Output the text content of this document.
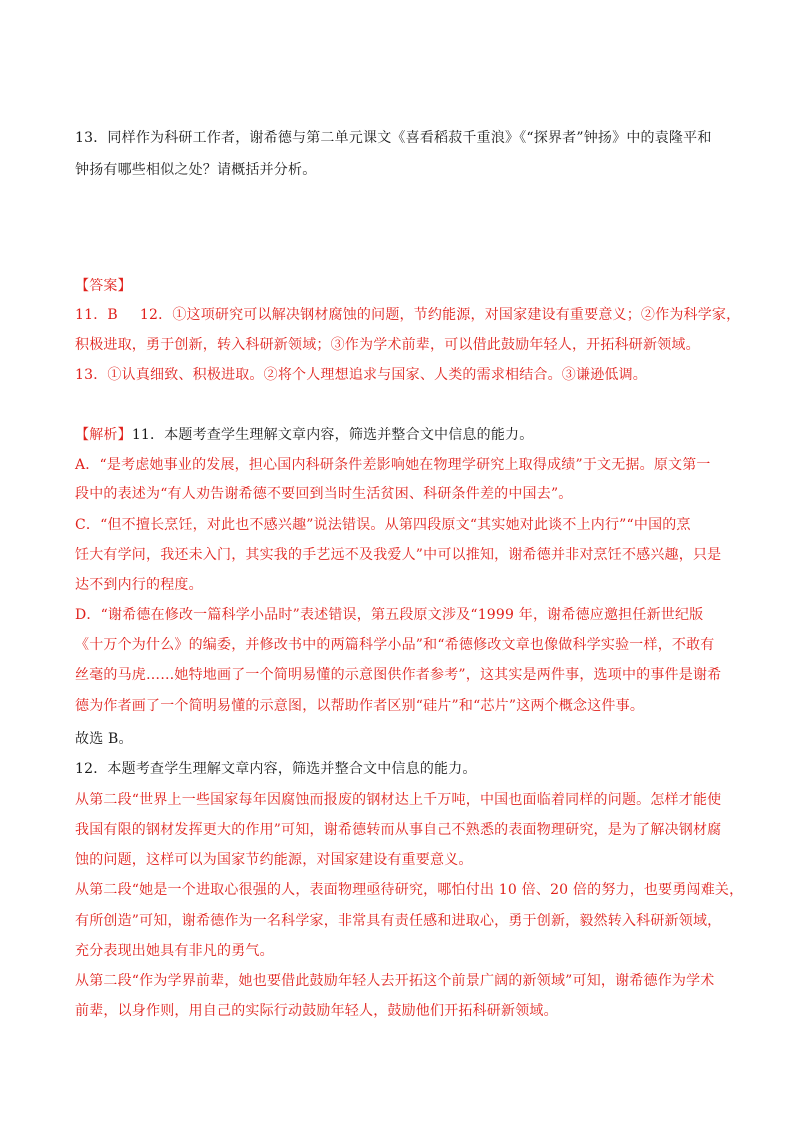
13．同样作为科研工作者，谢希德与第二单元课文《喜看稻菽千重浪》《“探界者”钟扬》中的袁隆平和
钟扬有哪些相似之处？请概括并分析。
【答案】
11．B 12．①这项研究可以解决钢材腐蚀的问题，节约能源，对国家建设有重要意义；②作为科学家，
积极进取，勇于创新，转入科研新领域；③作为学术前辈，可以借此鼓励年轻人，开拓科研新领域。
13．①认真细致、积极进取。②将个人理想追求与国家、人类的需求相结合。③谦逊低调。
【解析】11．本题考查学生理解文章内容，筛选并整合文中信息的能力。
A．“是考虑她事业的发展，担心国内科研条件差影响她在物理学研究上取得成绩”于文无据。原文第一
段中的表述为“有人劝告谢希德不要回到当时生活贫困、科研条件差的中国去”。
C．“但不擅长烹饪，对此也不感兴趣”说法错误。从第四段原文“其实她对此谈不上内行”“中国的烹
饪大有学问，我还未入门，其实我的手艺远不及我爱人”中可以推知，谢希德并非对烹饪不感兴趣，只是
达不到内行的程度。
D．“谢希德在修改一篇科学小品时”表述错误，第五段原文涉及“1999 年，谢希德应邀担任新世纪版
《十万个为什么》的编委，并修改书中的两篇科学小品”和“希德修改文章也像做科学实验一样，不敢有
丝毫的马虎……她特地画了一个简明易懂的示意图供作者参考”，这其实是两件事，选项中的事件是谢希
德为作者画了一个简明易懂的示意图，以帮助作者区别“硅片”和“芯片”这两个概念这件事。
故选 B。
12．本题考查学生理解文章内容，筛选并整合文中信息的能力。
从第二段“世界上一些国家每年因腐蚀而报废的钢材达上千万吨，中国也面临着同样的问题。怎样才能使
我国有限的钢材发挥更大的作用”可知，谢希德转而从事自己不熟悉的表面物理研究，是为了解决钢材腐
蚀的问题，这样可以为国家节约能源，对国家建设有重要意义。
从第二段“她是一个进取心很强的人，表面物理亟待研究，哪怕付出 10 倍、20 倍的努力，也要勇闯难关，
有所创造”可知，谢希德作为一名科学家，非常具有责任感和进取心，勇于创新，毅然转入科研新领域，
充分表现出她具有非凡的勇气。
从第二段“作为学界前辈，她也要借此鼓励年轻人去开拓这个前景广阔的新领域”可知，谢希德作为学术
前辈，以身作则，用自己的实际行动鼓励年轻人，鼓励他们开拓科研新领域。
